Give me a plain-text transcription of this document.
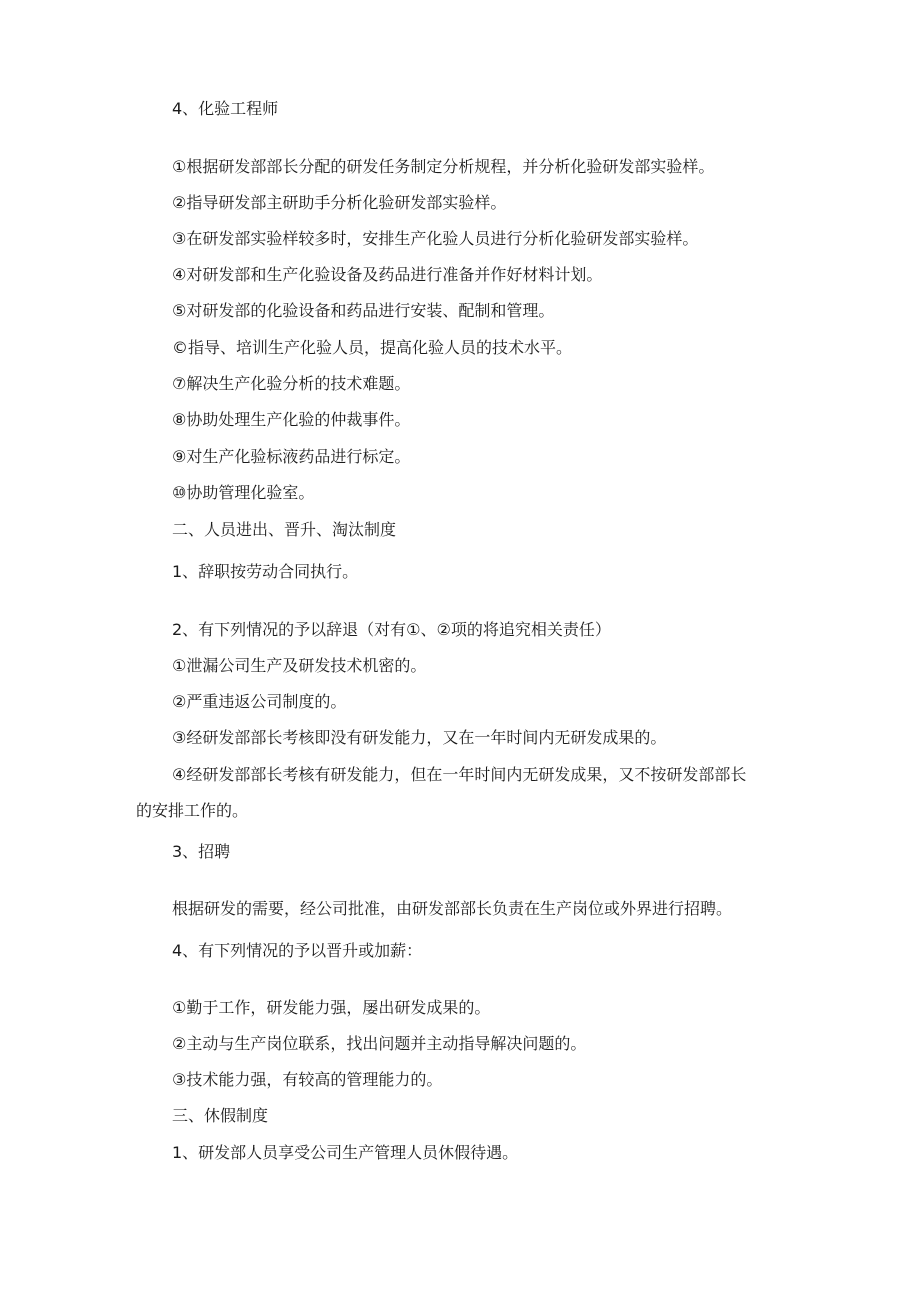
4、化验工程师
①根据研发部部长分配的研发任务制定分析规程，并分析化验研发部实验样。
②指导研发部主研助手分析化验研发部实验样。
③在研发部实验样较多时，安排生产化验人员进行分析化验研发部实验样。
④对研发部和生产化验设备及药品进行准备并作好材料计划。
⑤对研发部的化验设备和药品进行安装、配制和管理。
©指导、培训生产化验人员，提高化验人员的技术水平。
⑦解决生产化验分析的技术难题。
⑧协助处理生产化验的仲裁事件。
⑨对生产化验标液药品进行标定。
⑩协助管理化验室。
二、人员进出、晋升、淘汰制度
1、辞职按劳动合同执行。
2、有下列情况的予以辞退（对有①、②项的将追究相关责任）
①泄漏公司生产及研发技术机密的。
②严重违返公司制度的。
③经研发部部长考核即没有研发能力，又在一年时间内无研发成果的。
④经研发部部长考核有研发能力，但在一年时间内无研发成果，又不按研发部部长
的安排工作的。
3、招聘
根据研发的需要，经公司批准，由研发部部长负责在生产岗位或外界进行招聘。
4、有下列情况的予以晋升或加薪：
①勤于工作，研发能力强，屡出研发成果的。
②主动与生产岗位联系，找出问题并主动指导解决问题的。
③技术能力强，有较高的管理能力的。
三、休假制度
1、研发部人员享受公司生产管理人员休假待遇。
